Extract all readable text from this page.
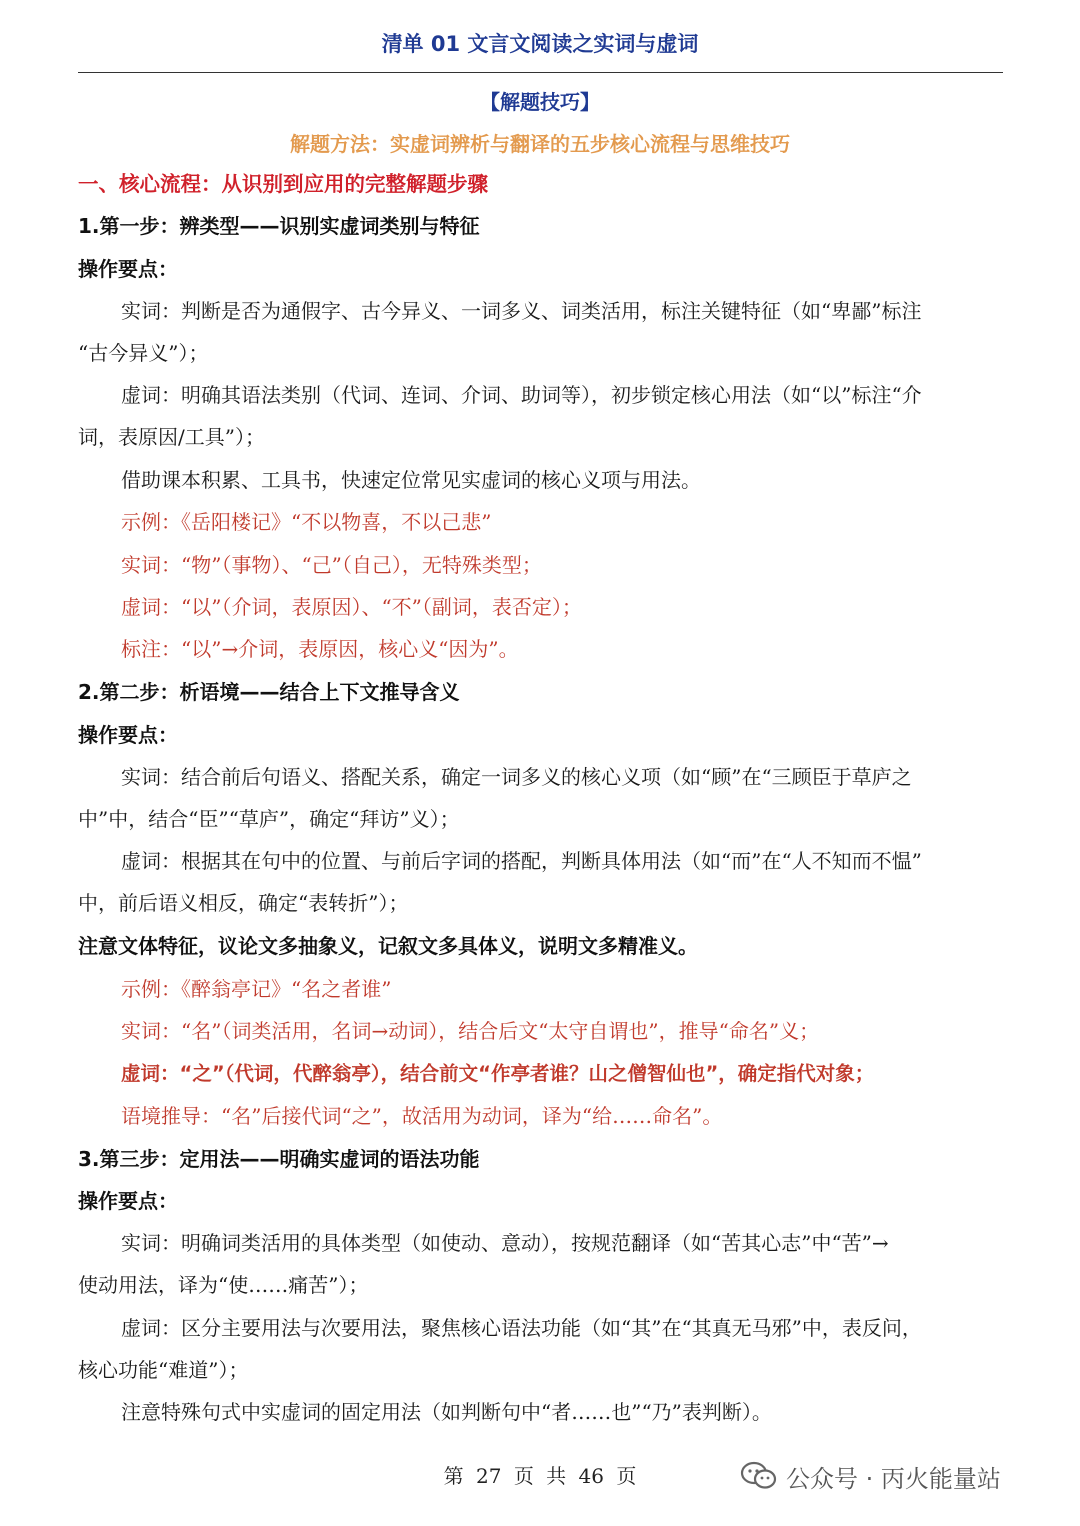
清单 01 文言文阅读之实词与虚词
【解题技巧】
解题方法：实虚词辨析与翻译的五步核心流程与思维技巧
一、核心流程：从识别到应用的完整解题步骤
1.第一步：辨类型——识别实虚词类别与特征
操作要点：
实词：判断是否为通假字、古今异义、一词多义、词类活用，标注关键特征（如“卑鄙”标注
“古今异义”）；
虚词：明确其语法类别（代词、连词、介词、助词等），初步锁定核心用法（如“以”标注“介
词，表原因/工具”）；
借助课本积累、工具书，快速定位常见实虚词的核心义项与用法。
示例：《岳阳楼记》“不以物喜，不以己悲”
实词：“物”（事物）、“己”（自己），无特殊类型；
虚词：“以”（介词，表原因）、“不”（副词，表否定）；
标注：“以”→介词，表原因，核心义“因为”。
2.第二步：析语境——结合上下文推导含义
操作要点：
实词：结合前后句语义、搭配关系，确定一词多义的核心义项（如“顾”在“三顾臣于草庐之
中”中，结合“臣”“草庐”，确定“拜访”义）；
虚词：根据其在句中的位置、与前后字词的搭配，判断具体用法（如“而”在“人不知而不愠”
中，前后语义相反，确定“表转折”）；
注意文体特征，议论文多抽象义，记叙文多具体义，说明文多精准义。
示例：《醉翁亭记》“名之者谁”
实词：“名”（词类活用，名词→动词），结合后文“太守自谓也”，推导“命名”义；
虚词：“之”（代词，代醉翁亭），结合前文“作亭者谁？山之僧智仙也”，确定指代对象；
语境推导：“名”后接代词“之”，故活用为动词，译为“给……命名”。
3.第三步：定用法——明确实虚词的语法功能
操作要点：
实词：明确词类活用的具体类型（如使动、意动），按规范翻译（如“苦其心志”中“苦”→
使动用法，译为“使……痛苦”）；
虚词：区分主要用法与次要用法，聚焦核心语法功能（如“其”在“其真无马邪”中，表反问，
核心功能“难道”）；
注意特殊句式中实虚词的固定用法（如判断句中“者……也”“乃”表判断）。
第 27 页 共 46 页	公众号 · 丙火能量站
